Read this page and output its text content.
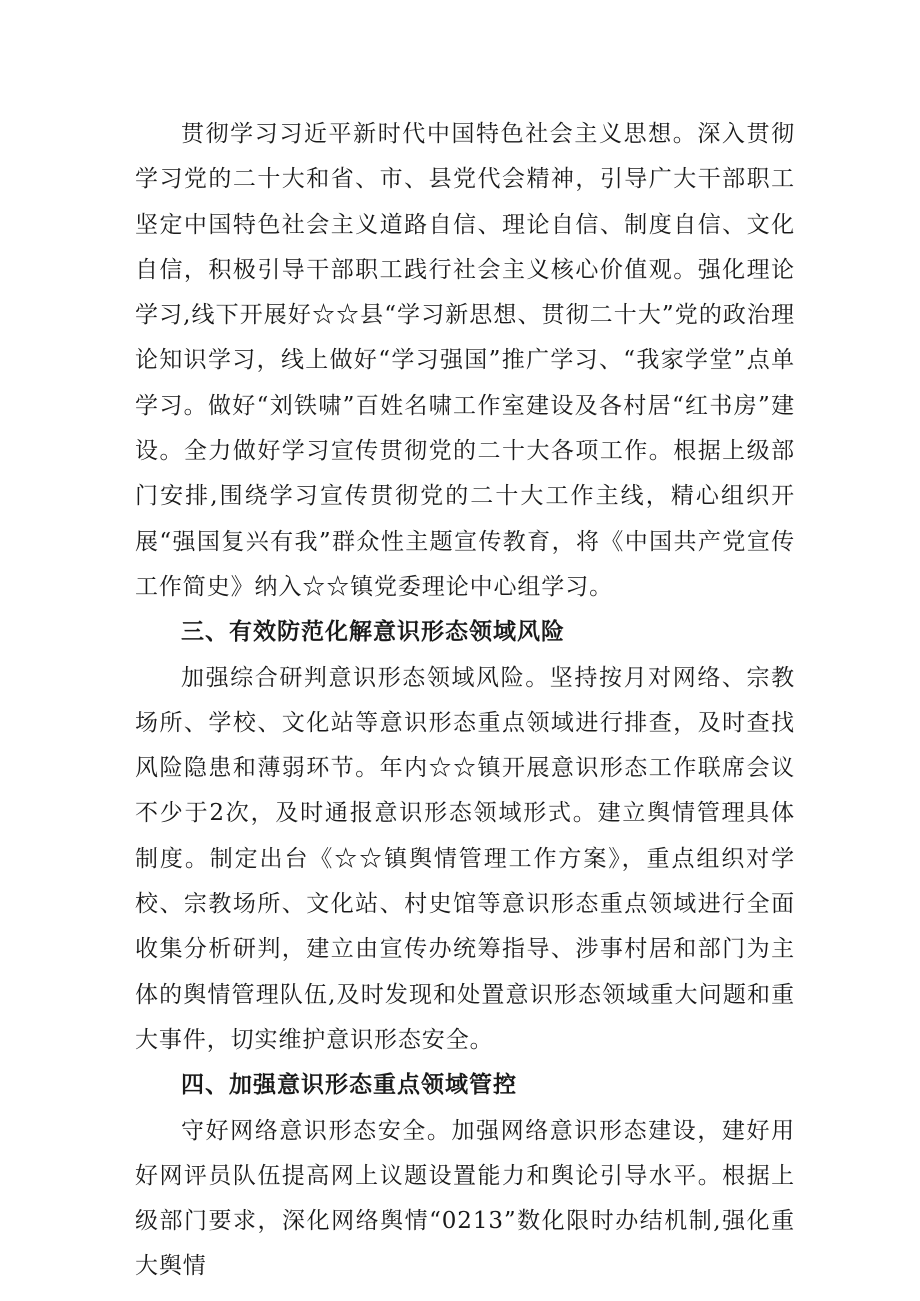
贯彻学习习近平新时代中国特色社会主义思想。深入贯彻学习党的二十大和省、市、县党代会精神，引导广大干部职工坚定中国特色社会主义道路自信、理论自信、制度自信、文化自信，积极引导干部职工践行社会主义核心价值观。强化理论学习,线下开展好☆☆县“学习新思想、贯彻二十大”党的政治理论知识学习，线上做好“学习强国”推广学习、“我家学堂”点单学习。做好“刘铁啸”百姓名啸工作室建设及各村居“红书房”建设。全力做好学习宣传贯彻党的二十大各项工作。根据上级部门安排,围绕学习宣传贯彻党的二十大工作主线，精心组织开展“强国复兴有我”群众性主题宣传教育，将《中国共产党宣传工作简史》纳入☆☆镇党委理论中心组学习。

三、有效防范化解意识形态领域风险

加强综合研判意识形态领域风险。坚持按月对网络、宗教场所、学校、文化站等意识形态重点领域进行排查，及时查找风险隐患和薄弱环节。年内☆☆镇开展意识形态工作联席会议不少于2次，及时通报意识形态领域形式。建立舆情管理具体制度。制定出台《☆☆镇舆情管理工作方案》，重点组织对学校、宗教场所、文化站、村史馆等意识形态重点领域进行全面收集分析研判，建立由宣传办统筹指导、涉事村居和部门为主体的舆情管理队伍,及时发现和处置意识形态领域重大问题和重大事件，切实维护意识形态安全。

四、加强意识形态重点领域管控

守好网络意识形态安全。加强网络意识形态建设，建好用好网评员队伍提高网上议题设置能力和舆论引导水平。根据上级部门要求，深化网络舆情“0213”数化限时办结机制,强化重大舆情
